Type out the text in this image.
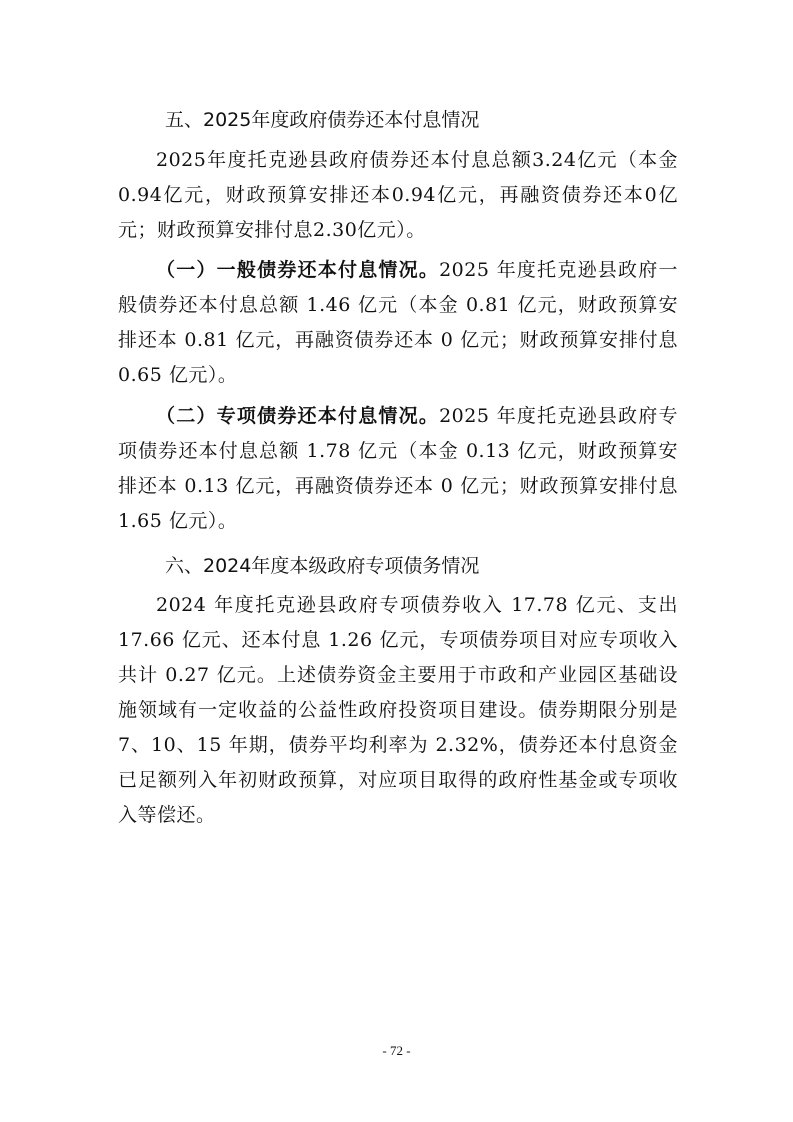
五、2025年度政府债券还本付息情况

2025年度托克逊县政府债券还本付息总额3.24亿元（本金0.94亿元，财政预算安排还本0.94亿元，再融资债券还本0亿元；财政预算安排付息2.30亿元）。

（一）一般债券还本付息情况。2025 年度托克逊县政府一般债券还本付息总额 1.46 亿元（本金 0.81 亿元，财政预算安排还本 0.81 亿元，再融资债券还本 0 亿元；财政预算安排付息 0.65 亿元）。

（二）专项债券还本付息情况。2025 年度托克逊县政府专项债券还本付息总额 1.78 亿元（本金 0.13 亿元，财政预算安排还本 0.13 亿元，再融资债券还本 0 亿元；财政预算安排付息 1.65 亿元）。

六、2024年度本级政府专项债务情况

2024 年度托克逊县政府专项债券收入 17.78 亿元、支出 17.66 亿元、还本付息 1.26 亿元，专项债券项目对应专项收入共计 0.27 亿元。上述债券资金主要用于市政和产业园区基础设施领域有一定收益的公益性政府投资项目建设。债券期限分别是 7、10、15 年期，债券平均利率为 2.32%，债券还本付息资金已足额列入年初财政预算，对应项目取得的政府性基金或专项收入等偿还。

- 72 -
